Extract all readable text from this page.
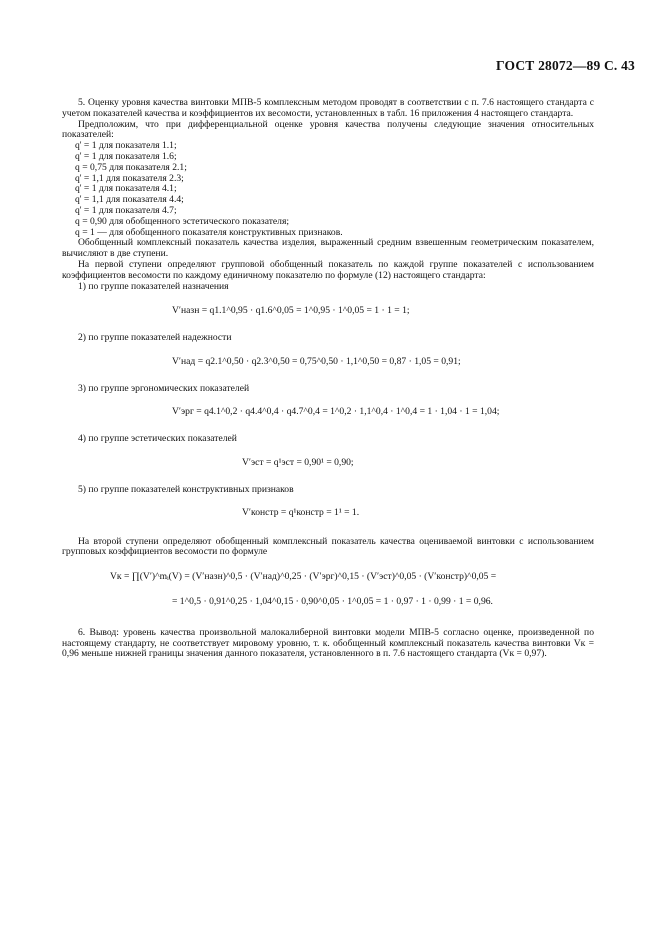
ГОСТ 28072—89 С. 43

5. Оценку уровня качества винтовки МПВ-5 комплексным методом проводят в соответствии с п. 7.6 настоящего стандарта с учетом показателей качества и коэффициентов их весомости, установленных в табл. 16 приложения 4 настоящего стандарта.

Предположим, что при дифференциальной оценке уровня качества получены следующие значения относительных показателей:

q' = 1 для показателя 1.1;
q' = 1 для показателя 1.6;
q = 0,75 для показателя 2.1;
q' = 1,1 для показателя 2.3;
q' = 1 для показателя 4.1;
q' = 1,1 для показателя 4.4;
q' = 1 для показателя 4.7;
q = 0,90 для обобщенного эстетического показателя;
q = 1 — для обобщенного показателя конструктивных признаков.

Обобщенный комплексный показатель качества изделия, выраженный средним взвешенным геометрическим показателем, вычисляют в две ступени.

На первой ступени определяют групповой обобщенный показатель по каждой группе показателей с использованием коэффициентов весомости по каждому единичному показателю по формуле (12) настоящего стандарта:

1) по группе показателей назначения
V′назн = q1.1^0,95 · q1.6^0,05 = 1^0,95 · 1^0,05 = 1 · 1 = 1;
2) по группе показателей надежности
V′над = q2.1^0,50 · q2.3^0,50 = 0,75^0,50 · 1,1^0,50 = 0,87 · 1,05 = 0,91;
3) по группе эргономических показателей
V′эрг = q4.1^0,2 · q4.4^0,4 · q4.7^0,4 = 1^0,2 · 1,1^0,4 · 1^0,4 = 1 · 1,04 · 1 = 1,04;
4) по группе эстетических показателей
V′эст = q¹эст = 0,90¹ = 0,90;
5) по группе показателей конструктивных признаков
V′констр = q¹констр = 1¹ = 1.

На второй ступени определяют обобщенный комплексный показатель качества оцениваемой винтовки с использованием групповых коэффициентов весомости по формуле

Vк = ∏(V′)^mᵢ(V) = (V′назн)^0,5 · (V′над)^0,25 · (V′эрг)^0,15 · (V′эст)^0,05 · (V′констр)^0,05 =
= 1^0,5 · 0,91^0,25 · 1,04^0,15 · 0,90^0,05 · 1^0,05 = 1 · 0,97 · 1 · 0,99 · 1 = 0,96.

6. Вывод: уровень качества произвольной малокалиберной винтовки модели МПВ-5 согласно оценке, произведенной по настоящему стандарту, не соответствует мировому уровню, т. к. обобщенный комплексный показатель качества винтовки Vк = 0,96 меньше нижней границы значения данного показателя, установленного в п. 7.6 настоящего стандарта (Vк = 0,97).
